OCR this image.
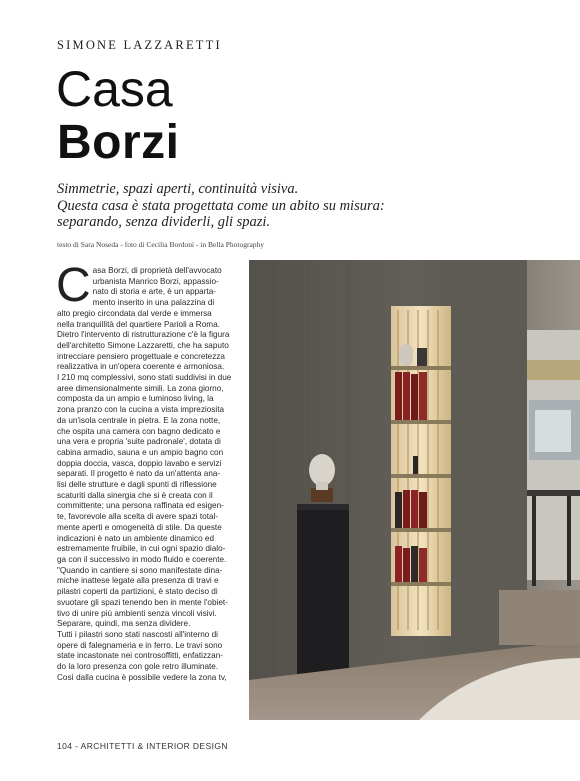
SIMONE LAZZARETTI
Casa
Borzi
Simmetrie, spazi aperti, continuità visiva.
Questa casa è stata progettata come un abito su misura:
separando, senza dividerli, gli spazi.
testo di Sara Noseda - foto di Cecilia Bordoni - in Bella Photography
C asa Borzi, di proprietà dell'avvocato

urbanista Manrico Borzi, appassio-

nato di storia e arte, è un apparta-

mento inserito in una palazzina di

alto pregio circondata dal verde e immersa

nella tranquillità del quartiere Parioli a Roma.

Dietro l'intervento di ristrutturazione c'è la figura

dell'architetto Simone Lazzaretti, che ha saputo

intrecciare pensiero progettuale e concretezza

realizzativa in un'opera coerente e armoniosa.

I 210 mq complessivi, sono stati suddivisi in due

aree dimensionalmente simili. La zona giorno,

composta da un ampio e luminoso living, la

zona pranzo con la cucina a vista impreziosita

da un'isola centrale in pietra. E la zona notte,

che ospita una camera con bagno dedicato e

una vera e propria 'suite padronale', dotata di

cabina armadio, sauna e un ampio bagno con

doppia doccia, vasca, doppio lavabo e servizi

separati. Il progetto è nato da un'attenta ana-

lisi delle strutture e dagli spunti di riflessione

scaturiti dalla sinergia che si è creata con il

committente; una persona raffinata ed esigen-

te, favorevole alla scelta di avere spazi total-

mente aperti e omogeneità di stile. Da queste

indicazioni è nato un ambiente dinamico ed

estremamente fruibile, in cui ogni spazio dialo-

ga con il successivo in modo fluido e coerente.

"Quando in cantiere si sono manifestate dina-

miche inattese legate alla presenza di travi e

pilastri coperti da partizioni, è stato deciso di

svuotare gli spazi tenendo ben in mente l'obiet-

tivo di unire più ambienti senza vincoli visivi.

Separare, quindi, ma senza dividere.

Tutti i pilastri sono stati nascosti all'interno di

opere di falegnameria e in ferro. Le travi sono

state incastonate nei controsoffitti, enfatizzan-

do la loro presenza con gole retro illuminate.

Così dalla cucina è possibile vedere la zona tv,

104 - ARCHITETTI & INTERIOR DESIGN
